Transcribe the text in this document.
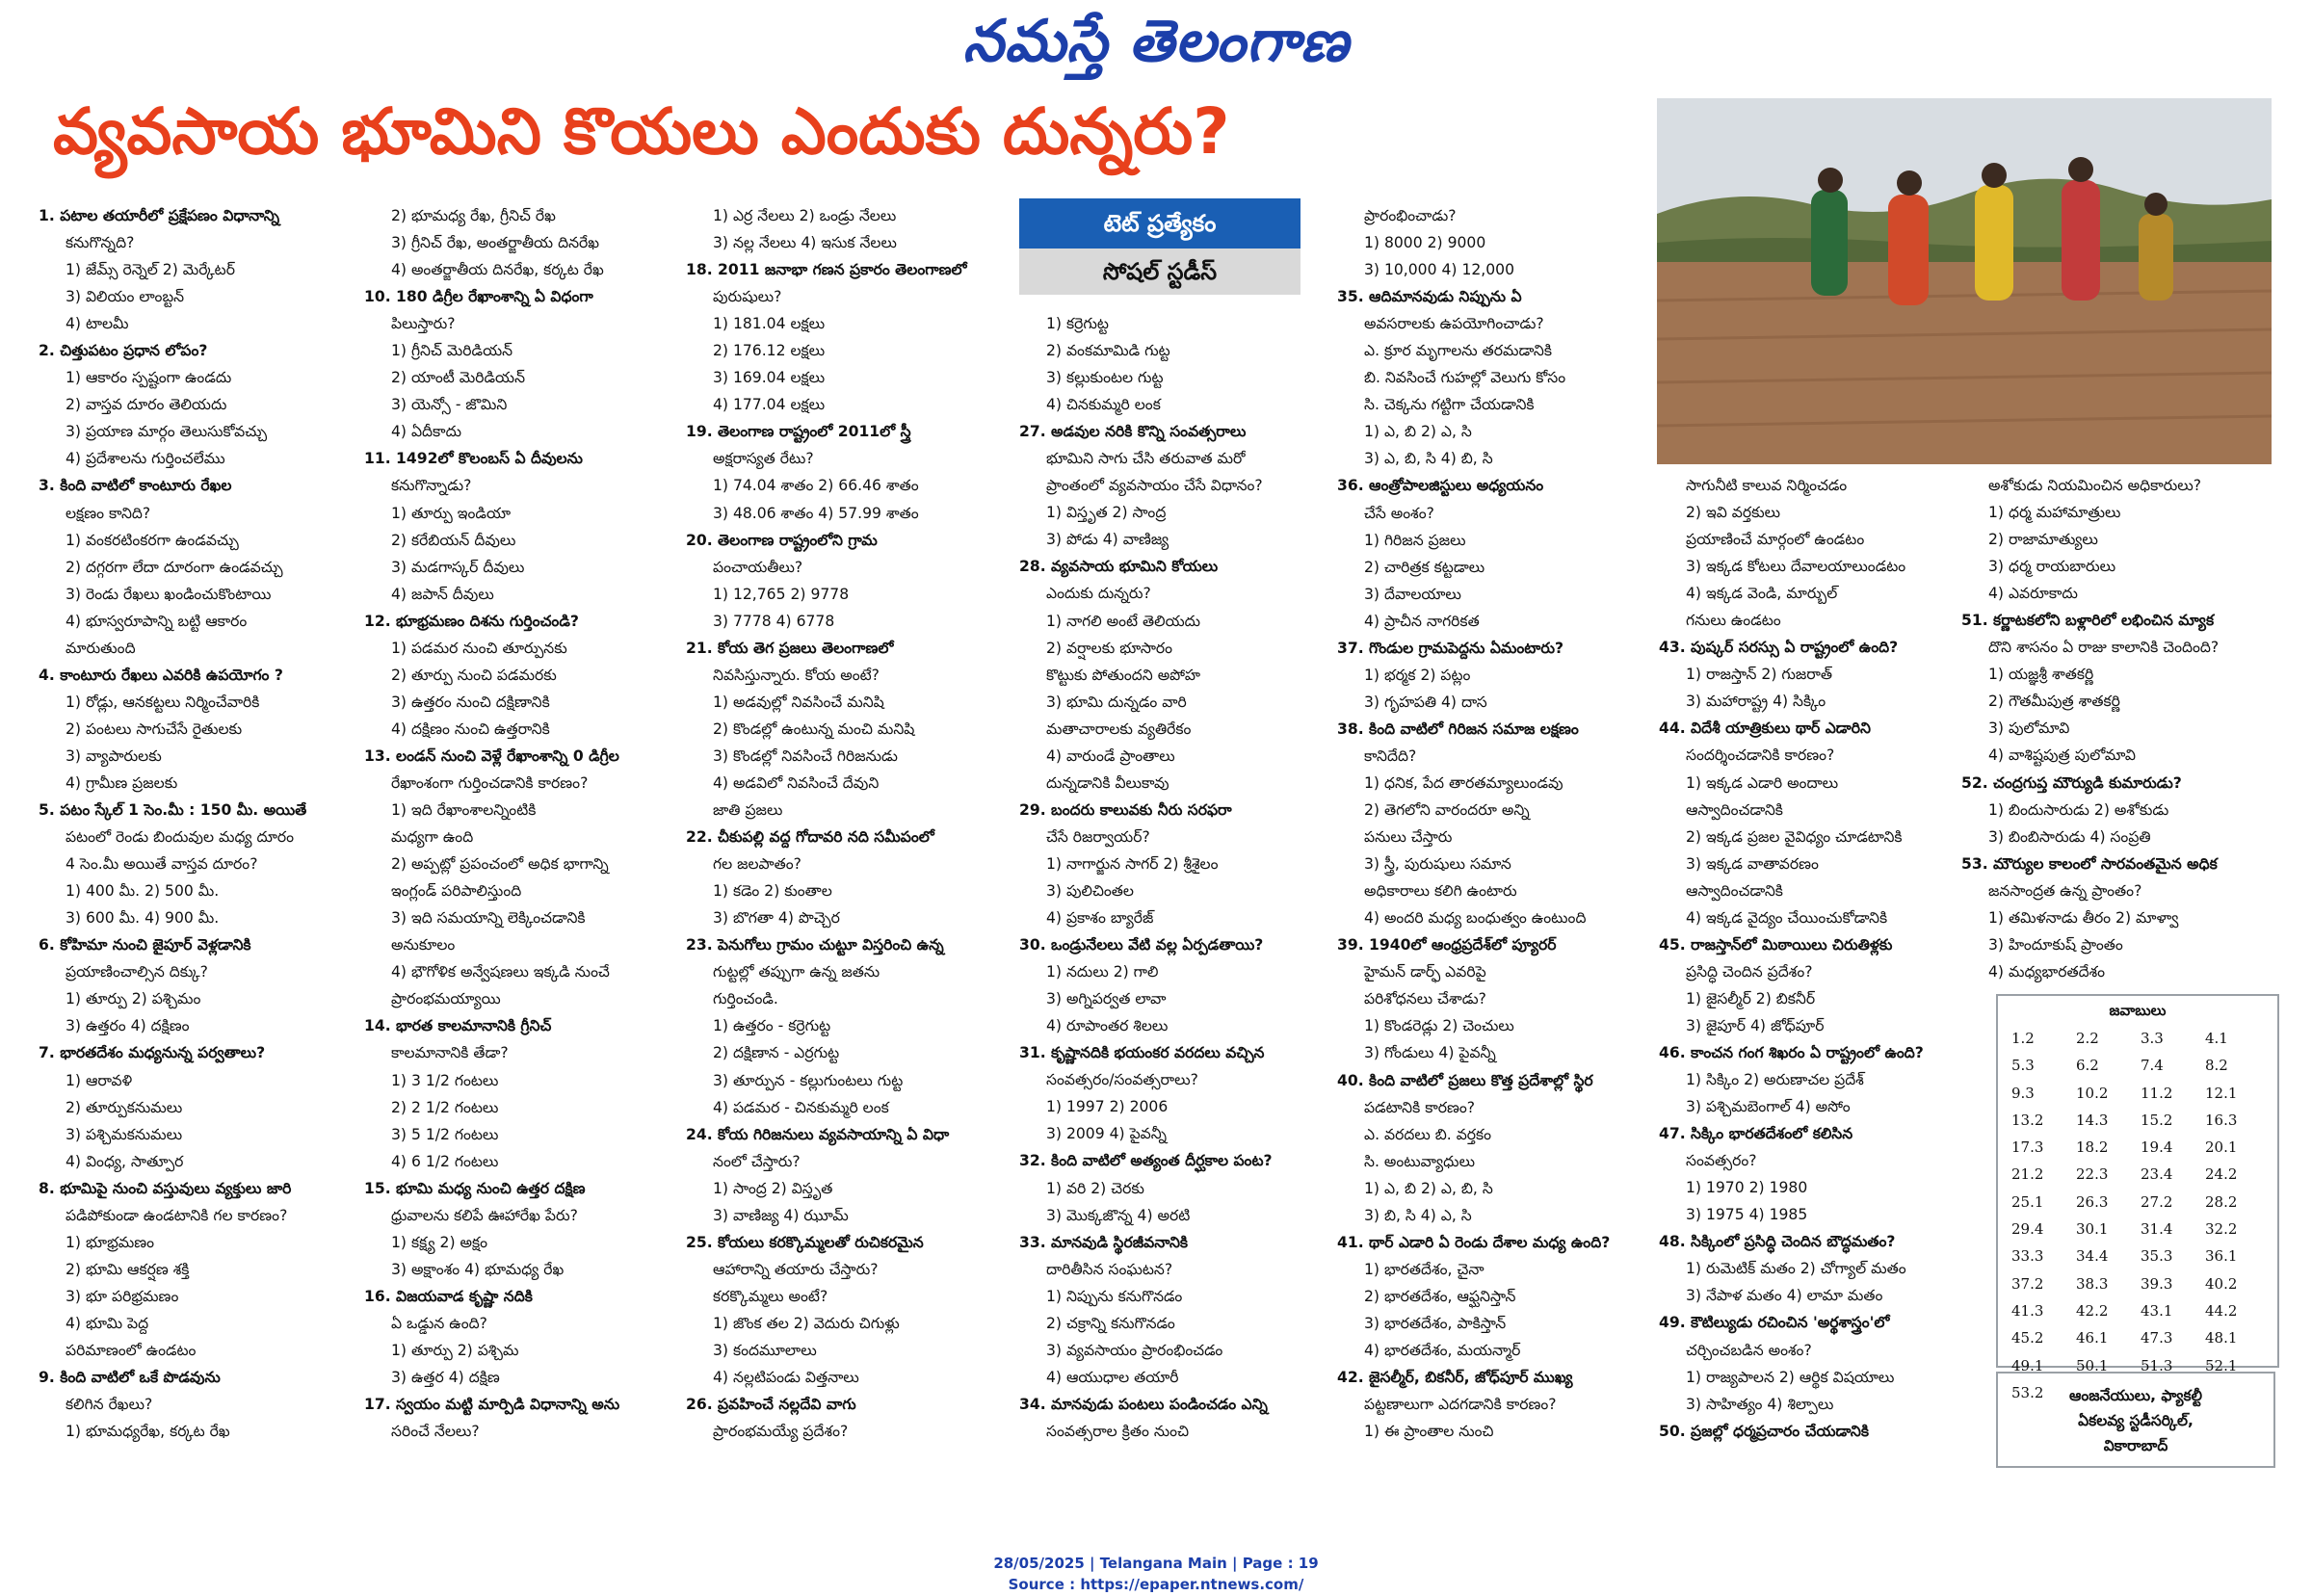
నమస్తే తెలంగాణ
వ్యవసాయ భూమిని కొయలు ఎందుకు దున్నరు?
టెట్ ప్రత్యేకం
సోషల్ స్టడీస్

1. పటాల తయారీలో ప్రక్షేపణం విధానాన్ని

కనుగొన్నది?

1) జేమ్స్ రెన్నెల్ 2) మెర్కేటర్

3) విలియం లాంబ్టన్

4) టాలమీ

2. చిత్తుపటం ప్రధాన లోపం?

1) ఆకారం స్పష్టంగా ఉండదు

2) వాస్తవ దూరం తెలియదు

3) ప్రయాణ మార్గం తెలుసుకోవచ్చు

4) ప్రదేశాలను గుర్తించలేము

3. కింది వాటిలో కాంటూరు రేఖల

లక్షణం కానిది?

1) వంకరటింకరగా ఉండవచ్చు

2) దగ్గరగా లేదా దూరంగా ఉండవచ్చు

3) రెండు రేఖలు ఖండించుకొంటాయి

4) భూస్వరూపాన్ని బట్టి ఆకారం

మారుతుంది

4. కాంటూరు రేఖలు ఎవరికి ఉపయోగం ?

1) రోడ్లు, ఆనకట్టలు నిర్మించేవారికి

2) పంటలు సాగుచేసే రైతులకు

3) వ్యాపారులకు

4) గ్రామీణ ప్రజలకు

5. పటం స్కేల్ 1 సెం.మీ : 150 మీ. అయితే

పటంలో రెండు బిందువుల మధ్య దూరం

4 సెం.మీ అయితే వాస్తవ దూరం?

1) 400 మీ. 2) 500 మీ.

3) 600 మీ. 4) 900 మీ.

6. కోహిమా నుంచి జైపూర్ వెళ్లడానికి

ప్రయాణించాల్సిన దిక్కు?

1) తూర్పు 2) పశ్చిమం

3) ఉత్తరం 4) దక్షిణం

7. భారతదేశం మధ్యనున్న పర్వతాలు?

1) ఆరావళి

2) తూర్పుకనుమలు

3) పశ్చిమకనుమలు

4) వింధ్య, సాత్పూర

8. భూమిపై నుంచి వస్తువులు వ్యక్తులు జారి

పడిపోకుండా ఉండటానికి గల కారణం?

1) భూభ్రమణం

2) భూమి ఆకర్షణ శక్తి

3) భూ పరిభ్రమణం

4) భూమి పెద్ద

పరిమాణంలో ఉండటం

9. కింది వాటిలో ఒకే పొడవును

కలిగిన రేఖలు?

1) భూమధ్యరేఖ, కర్కట రేఖ

2) భూమధ్య రేఖ, గ్రీనిచ్ రేఖ

3) గ్రీనిచ్ రేఖ, అంతర్జాతీయ దినరేఖ

4) అంతర్జాతీయ దినరేఖ, కర్కట రేఖ

10. 180 డిగ్రీల రేఖాంశాన్ని ఏ విధంగా

పిలుస్తారు?

1) గ్రీనిచ్ మెరిడియన్

2) యాంటీ మెరిడియన్

3) యెన్సో - జొమిని

4) ఏదీకాదు

11. 1492లో కొలంబస్ ఏ దీవులను

కనుగొన్నాడు?

1) తూర్పు ఇండియా

2) కరేబియన్ దీవులు

3) మడగాస్కర్ దీవులు

4) జపాన్ దీవులు

12. భూభ్రమణం దిశను గుర్తించండి?

1) పడమర నుంచి తూర్పునకు

2) తూర్పు నుంచి పడమరకు

3) ఉత్తరం నుంచి దక్షిణానికి

4) దక్షిణం నుంచి ఉత్తరానికి

13. లండన్ నుంచి వెళ్లే రేఖాంశాన్ని 0 డిగ్రీల

రేఖాంశంగా గుర్తించడానికి కారణం?

1) ఇది రేఖాంశాలన్నింటికి

మధ్యగా ఉంది

2) అప్పట్లో ప్రపంచంలో అధిక భాగాన్ని

ఇంగ్లండ్ పరిపాలిస్తుంది

3) ఇది సమయాన్ని లెక్కించడానికి

అనుకూలం

4) భౌగోళిక అన్వేషణలు ఇక్కడి నుంచే

ప్రారంభమయ్యాయి

14. భారత కాలమానానికి గ్రీనిచ్

కాలమానానికి తేడా?

1) 3 1/2 గంటలు

2) 2 1/2 గంటలు

3) 5 1/2 గంటలు

4) 6 1/2 గంటలు

15. భూమి మధ్య నుంచి ఉత్తర దక్షిణ

ధ్రువాలను కలిపే ఊహారేఖ పేరు?

1) కక్ష్య 2) అక్షం

3) అక్షాంశం 4) భూమధ్య రేఖ

16. విజయవాడ కృష్ణా నదికి

ఏ ఒడ్డున ఉంది?

1) తూర్పు 2) పశ్చిమ

3) ఉత్తర 4) దక్షిణ

17. స్వయం మట్టి మార్పిడి విధానాన్ని అను

సరించే నేలలు?

1) ఎర్ర నేలలు 2) ఒండ్రు నేలలు

3) నల్ల నేలలు 4) ఇసుక నేలలు

18. 2011 జనాభా గణన ప్రకారం తెలంగాణలో

పురుషులు?

1) 181.04 లక్షలు

2) 176.12 లక్షలు

3) 169.04 లక్షలు

4) 177.04 లక్షలు

19. తెలంగాణ రాష్ట్రంలో 2011లో స్త్రీ

అక్షరాస్యత రేటు?

1) 74.04 శాతం 2) 66.46 శాతం

3) 48.06 శాతం 4) 57.99 శాతం

20. తెలంగాణ రాష్ట్రంలోని గ్రామ

పంచాయతీలు?

1) 12,765 2) 9778

3) 7778 4) 6778

21. కోయ తెగ ప్రజలు తెలంగాణలో

నివసిస్తున్నారు. కోయ అంటే?

1) అడవుల్లో నివసించే మనిషి

2) కొండల్లో ఉంటున్న మంచి మనిషి

3) కొండల్లో నివసించే గిరిజనుడు

4) అడవిలో నివసించే దేవుని

జాతి ప్రజలు

22. చీకుపల్లి వద్ద గోదావరి నది సమీపంలో

గల జలపాతం?

1) కడెం 2) కుంతాల

3) బొగతా 4) పొచ్చెర

23. పెనుగోలు గ్రామం చుట్టూ విస్తరించి ఉన్న

గుట్టల్లో తప్పుగా ఉన్న జతను

గుర్తించండి.

1) ఉత్తరం - కర్రెగుట్ట

2) దక్షిణాన - ఎర్రగుట్ట

3) తూర్పున - కల్లుగుంటలు గుట్ట

4) పడమర - చినకుమ్మరి లంక

24. కోయ గిరిజనులు వ్యవసాయాన్ని ఏ విధా

నంలో చేస్తారు?

1) సాంద్ర 2) విస్తృత

3) వాణిజ్య 4) ఝూమ్

25. కోయలు కరక్కొమ్మలతో రుచికరమైన

ఆహారాన్ని తయారు చేస్తారు?

కరక్కొమ్మలు అంటే?

1) జొంక తల 2) వెదురు చిగుళ్లు

3) కందమూలాలు

4) నల్లటిపండు విత్తనాలు

26. ప్రవహించే నల్లదేవి వాగు

ప్రారంభమయ్యే ప్రదేశం?

1) కర్రెగుట్ట

2) వంకమామిడి గుట్ట

3) కల్లుకుంటల గుట్ట

4) చినకుమ్మరి లంక

27. అడవుల నరికి కొన్ని సంవత్సరాలు

భూమిని సాగు చేసి తరువాత మరో

ప్రాంతంలో వ్యవసాయం చేసే విధానం?

1) విస్తృత 2) సాంద్ర

3) పోడు 4) వాణిజ్య

28. వ్యవసాయ భూమిని కోయలు

ఎందుకు దున్నరు?

1) నాగలి అంటే తెలియదు

2) వర్షాలకు భూసారం

కొట్టుకు పోతుందని అపోహ

3) భూమి దున్నడం వారి

మతాచారాలకు వ్యతిరేకం

4) వారుండే ప్రాంతాలు

దున్నడానికి వీలుకావు

29. బందరు కాలువకు నీరు సరఫరా

చేసే రిజర్వాయర్?

1) నాగార్జున సాగర్ 2) శ్రీశైలం

3) పులిచింతల

4) ప్రకాశం బ్యారేజ్

30. ఒండ్రునేలలు వేటి వల్ల ఏర్పడతాయి?

1) నదులు 2) గాలి

3) అగ్నిపర్వత లావా

4) రూపాంతర శిలలు

31. కృష్ణానదికి భయంకర వరదలు వచ్చిన

సంవత్సరం/సంవత్సరాలు?

1) 1997 2) 2006

3) 2009 4) పైవన్నీ

32. కింది వాటిలో అత్యంత దీర్ఘకాల పంట?

1) వరి 2) చెరకు

3) మొక్కజొన్న 4) అరటి

33. మానవుడి స్థిరజీవనానికి

దారితీసిన సంఘటన?

1) నిప్పును కనుగొనడం

2) చక్రాన్ని కనుగొనడం

3) వ్యవసాయం ప్రారంభించడం

4) ఆయుధాల తయారీ

34. మానవుడు పంటలు పండించడం ఎన్ని

సంవత్సరాల క్రితం నుంచి

ప్రారంభించాడు?

1) 8000 2) 9000

3) 10,000 4) 12,000

35. ఆదిమానవుడు నిప్పును ఏ

అవసరాలకు ఉపయోగించాడు?

ఎ. క్రూర మృగాలను తరమడానికి

బి. నివసించే గుహల్లో వెలుగు కోసం

సి. చెక్కను గట్టిగా చేయడానికి

1) ఎ, బి 2) ఎ, సి

3) ఎ, బి, సి 4) బి, సి

36. ఆంత్రోపాలజిస్టులు అధ్యయనం

చేసే అంశం?

1) గిరిజన ప్రజలు

2) చారిత్రక కట్టడాలు

3) దేవాలయాలు

4) ప్రాచీన నాగరికత

37. గొండుల గ్రామపెద్దను ఏమంటారు?

1) భర్మక 2) పట్లం

3) గృహపతి 4) దాస

38. కింది వాటిలో గిరిజన సమాజ లక్షణం

కానిదేది?

1) ధనిక, పేద తారతమ్యాలుండవు

2) తెగలోని వారందరూ అన్ని

పనులు చేస్తారు

3) స్త్రీ, పురుషులు సమాన

అధికారాలు కలిగి ఉంటారు

4) అందరి మధ్య బంధుత్వం ఉంటుంది

39. 1940లో ఆంధ్రప్రదేశ్‌లో ప్యూరర్

హైమన్ డార్ఫ్ ఎవరిపై

పరిశోధనలు చేశాడు?

1) కొండరెడ్లు 2) చెంచులు

3) గోండులు 4) పైవన్నీ

40. కింది వాటిలో ప్రజలు కొత్త ప్రదేశాల్లో స్థిర

పడటానికి కారణం?

ఎ. వరదలు బి. వర్తకం

సి. అంటువ్యాధులు

1) ఎ, బి 2) ఎ, బి, సి

3) బి, సి 4) ఎ, సి

41. థార్ ఎడారి ఏ రెండు దేశాల మధ్య ఉంది?

1) భారతదేశం, చైనా

2) భారతదేశం, ఆఫ్ఘనిస్తాన్

3) భారతదేశం, పాకిస్తాన్

4) భారతదేశం, మయన్మార్

42. జైసల్మీర్, బికనీర్, జోధ్‌పూర్ ముఖ్య

పట్టణాలుగా ఎదగడానికి కారణం?

1) ఈ ప్రాంతాల నుంచి

సాగునీటి కాలువ నిర్మించడం

2) ఇవి వర్తకులు

ప్రయాణించే మార్గంలో ఉండటం

3) ఇక్కడ కోటలు దేవాలయాలుండటం

4) ఇక్కడ వెండి, మార్బుల్

గనులు ఉండటం

43. పుష్కర్ సరస్సు ఏ రాష్ట్రంలో ఉంది?

1) రాజస్తాన్ 2) గుజరాత్

3) మహారాష్ట్ర 4) సిక్కిం

44. విదేశీ యాత్రికులు థార్ ఎడారిని

సందర్శించడానికి కారణం?

1) ఇక్కడ ఎడారి అందాలు

ఆస్వాదించడానికి

2) ఇక్కడ ప్రజల వైవిధ్యం చూడటానికి

3) ఇక్కడ వాతావరణం

ఆస్వాదించడానికి

4) ఇక్కడ వైద్యం చేయించుకోడానికి

45. రాజస్తాన్‌లో మిఠాయిలు చిరుతిళ్లకు

ప్రసిద్ధి చెందిన ప్రదేశం?

1) జైసల్మీర్ 2) బికనీర్

3) జైపూర్ 4) జోధ్‌పూర్

46. కాంచన గంగ శిఖరం ఏ రాష్ట్రంలో ఉంది?

1) సిక్కిం 2) అరుణాచల ప్రదేశ్

3) పశ్చిమబెంగాల్ 4) అసోం

47. సిక్కిం భారతదేశంలో కలిసిన

సంవత్సరం?

1) 1970 2) 1980

3) 1975 4) 1985

48. సిక్కింలో ప్రసిద్ధి చెందిన బౌద్ధమతం?

1) రుమెటిక్ మతం 2) చోగ్యాల్ మతం

3) నేపాళ మతం 4) లామా మతం

49. కౌటిల్యుడు రచించిన 'అర్థశాస్త్రం'లో

చర్చించబడిన అంశం?

1) రాజ్యపాలన 2) ఆర్థిక విషయాలు

3) సాహిత్యం 4) శిల్పాలు

50. ప్రజల్లో ధర్మప్రచారం చేయడానికి

అశోకుడు నియమించిన అధికారులు?

1) ధర్మ మహామాత్రులు

2) రాజామాత్యులు

3) ధర్మ రాయబారులు

4) ఎవరూకాదు

51. కర్ణాటకలోని బళ్లారిలో లభించిన మ్యాక

దొని శాసనం ఏ రాజు కాలానికి చెందింది?

1) యజ్ఞశ్రీ శాతకర్ణి

2) గౌతమీపుత్ర శాతకర్ణి

3) పులోమావి

4) వాశిష్టపుత్ర పులోమావి

52. చంద్రగుప్త మౌర్యుడి కుమారుడు?

1) బిందుసారుడు 2) అశోకుడు

3) బింబిసారుడు 4) సంప్రతి

53. మౌర్యుల కాలంలో సారవంతమైన అధిక

జనసాంద్రత ఉన్న ప్రాంతం?

1) తమిళనాడు తీరం 2) మాళ్వా

3) హిందూకుష్ ప్రాంతం

4) మధ్యభారతదేశం

జవాబులు
1.2	2.2	3.3	4.1
5.3	6.2	7.4	8.2
9.3	10.2	11.2	12.1
13.2	14.3	15.2	16.3
17.3	18.2	19.4	20.1
21.2	22.3	23.4	24.2
25.1	26.3	27.2	28.2
29.4	30.1	31.4	32.2
33.3	34.4	35.3	36.1
37.2	38.3	39.3	40.2
41.3	42.2	43.1	44.2
45.2	46.1	47.3	48.1
49.1	50.1	51.3	52.1
53.2	ఆంజనేయులు, ఫ్యాకల్టీ
ఏకలవ్య స్టడీసర్కిల్,
వికారాబాద్
28/05/2025 | Telangana Main | Page : 19
Source : https://epaper.ntnews.com/
